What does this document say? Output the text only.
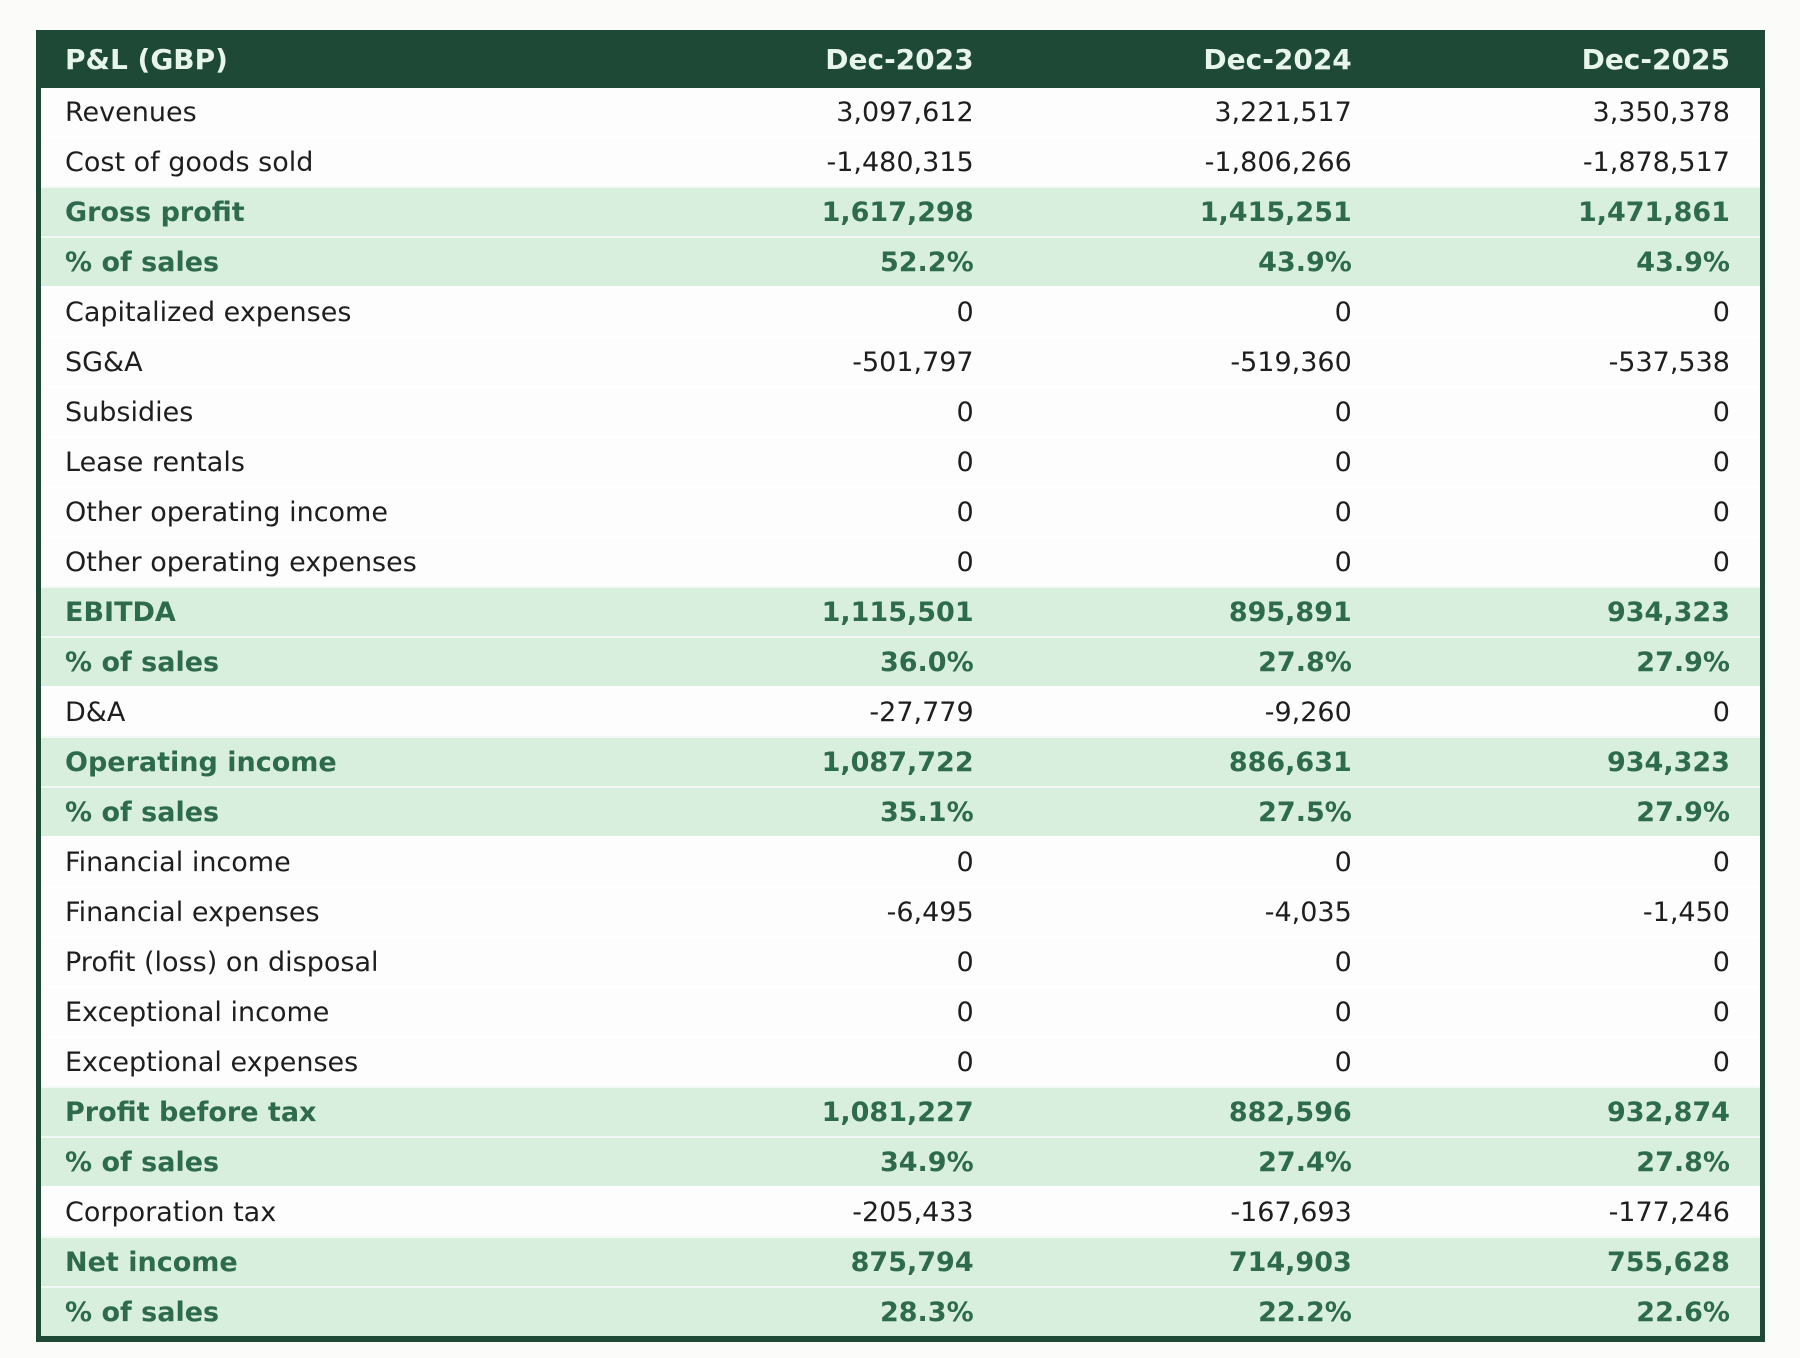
P&L (GBP)	Dec-2023	Dec-2024	Dec-2025
Revenues	3,097,612	3,221,517	3,350,378
Cost of goods sold	-1,480,315	-1,806,266	-1,878,517
Gross profit	1,617,298	1,415,251	1,471,861
% of sales	52.2%	43.9%	43.9%
Capitalized expenses	0	0	0
SG&A	-501,797	-519,360	-537,538
Subsidies	0	0	0
Lease rentals	0	0	0
Other operating income	0	0	0
Other operating expenses	0	0	0
EBITDA	1,115,501	895,891	934,323
% of sales	36.0%	27.8%	27.9%
D&A	-27,779	-9,260	0
Operating income	1,087,722	886,631	934,323
% of sales	35.1%	27.5%	27.9%
Financial income	0	0	0
Financial expenses	-6,495	-4,035	-1,450
Profit (loss) on disposal	0	0	0
Exceptional income	0	0	0
Exceptional expenses	0	0	0
Profit before tax	1,081,227	882,596	932,874
% of sales	34.9%	27.4%	27.8%
Corporation tax	-205,433	-167,693	-177,246
Net income	875,794	714,903	755,628
% of sales	28.3%	22.2%	22.6%
